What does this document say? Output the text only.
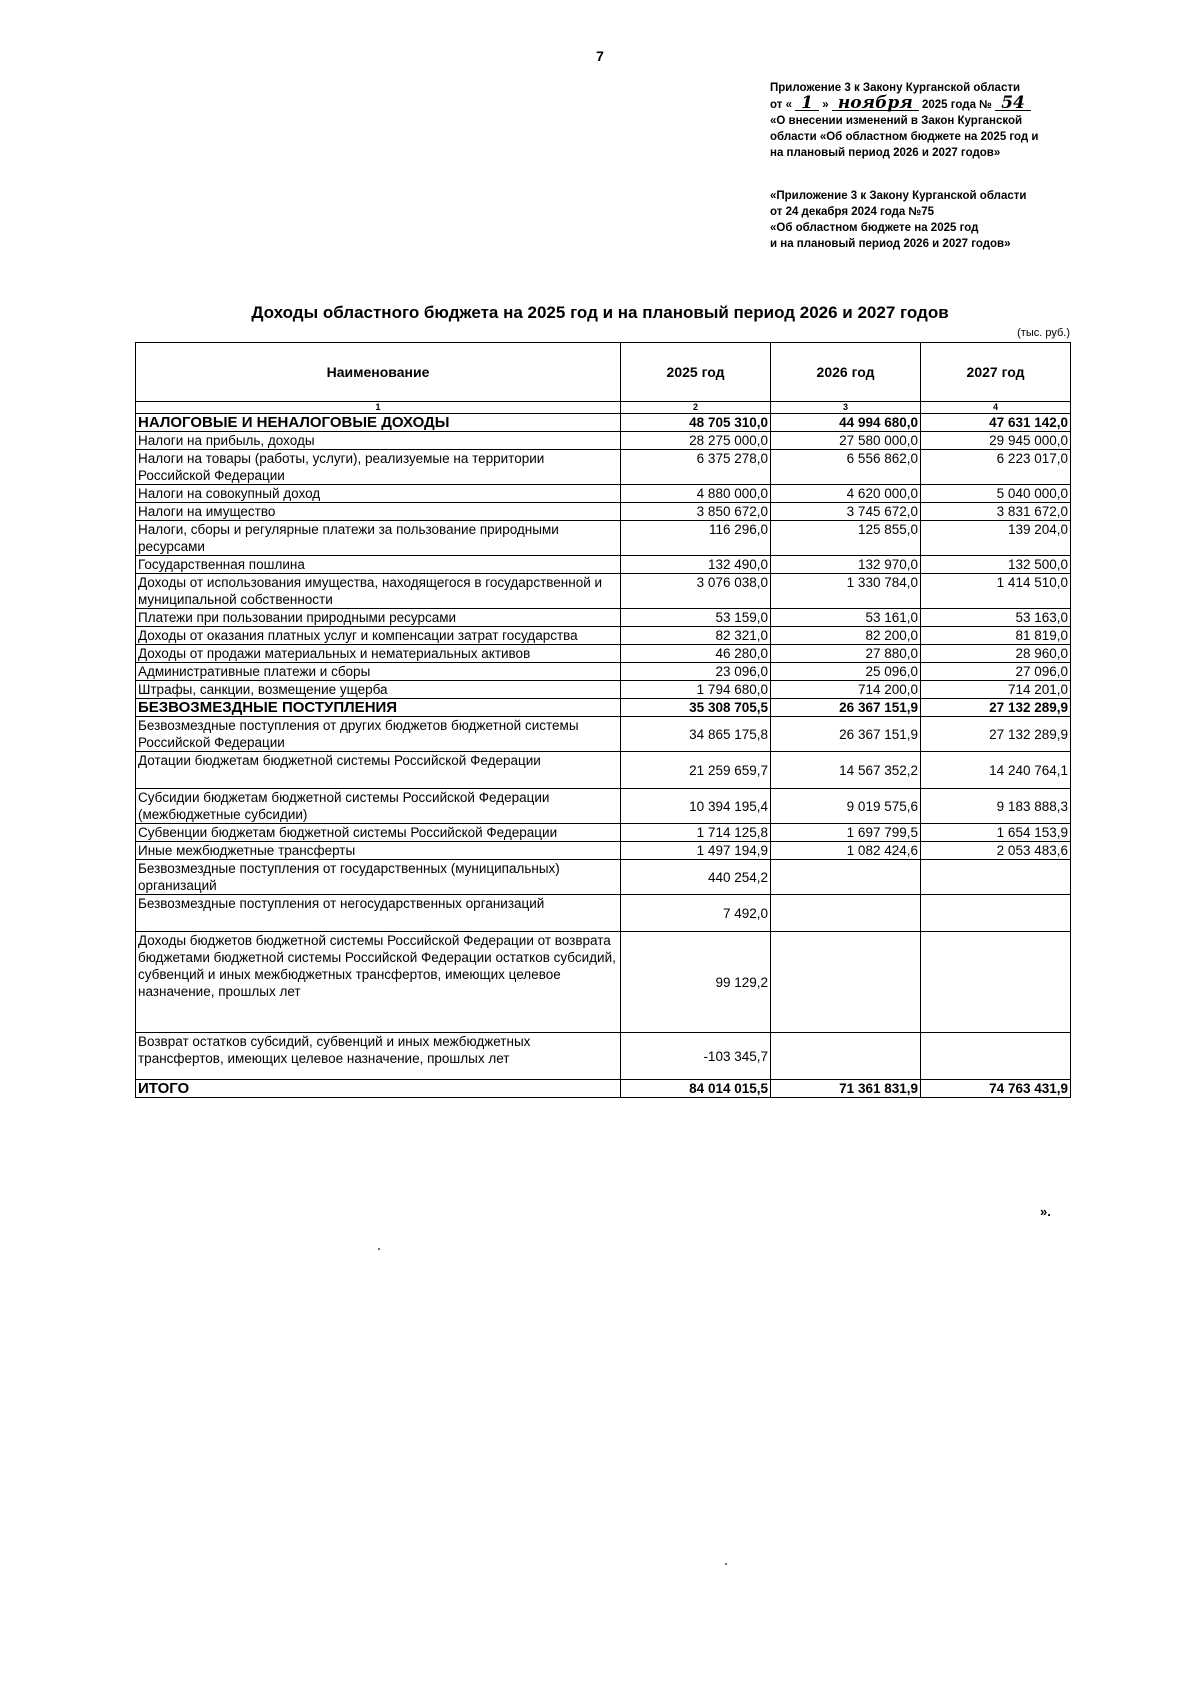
7
Приложение 3 к Закону Курганской области
от « 1 » ноября 2025 года № 54
«О внесении изменений в Закон Курганской
области «Об областном бюджете на 2025 год и
на плановый период 2026 и 2027 годов»
«Приложение 3 к Закону Курганской области
от 24 декабря 2024 года №75
«Об областном бюджете на 2025 год
и на плановый период 2026 и 2027 годов»
Доходы областного бюджета на 2025 год и на плановый период 2026 и 2027 годов
(тыс. руб.)
Наименование	2025 год	2026 год	2027 год
1	2	3	4
НАЛОГОВЫЕ И НЕНАЛОГОВЫЕ ДОХОДЫ	48 705 310,0	44 994 680,0	47 631 142,0
Налоги на прибыль, доходы	28 275 000,0	27 580 000,0	29 945 000,0
Налоги на товары (работы, услуги), реализуемые на территории Российской Федерации	6 375 278,0	6 556 862,0	6 223 017,0
Налоги на совокупный доход	4 880 000,0	4 620 000,0	5 040 000,0
Налоги на имущество	3 850 672,0	3 745 672,0	3 831 672,0
Налоги, сборы и регулярные платежи за пользование природными ресурсами	116 296,0	125 855,0	139 204,0
Государственная пошлина	132 490,0	132 970,0	132 500,0
Доходы от использования имущества, находящегося в государственной и муниципальной собственности	3 076 038,0	1 330 784,0	1 414 510,0
Платежи при пользовании природными ресурсами	53 159,0	53 161,0	53 163,0
Доходы от оказания платных услуг и компенсации затрат государства	82 321,0	82 200,0	81 819,0
Доходы от продажи материальных и нематериальных активов	46 280,0	27 880,0	28 960,0
Административные платежи и сборы	23 096,0	25 096,0	27 096,0
Штрафы, санкции, возмещение ущерба	1 794 680,0	714 200,0	714 201,0
БЕЗВОЗМЕЗДНЫЕ ПОСТУПЛЕНИЯ	35 308 705,5	26 367 151,9	27 132 289,9
Безвозмездные поступления от других бюджетов бюджетной системы Российской Федерации	34 865 175,8	26 367 151,9	27 132 289,9
Дотации бюджетам бюджетной системы Российской Федерации	21 259 659,7	14 567 352,2	14 240 764,1
Субсидии бюджетам бюджетной системы Российской Федерации (межбюджетные субсидии)	10 394 195,4	9 019 575,6	9 183 888,3
Субвенции бюджетам бюджетной системы Российской Федерации	1 714 125,8	1 697 799,5	1 654 153,9
Иные межбюджетные трансферты	1 497 194,9	1 082 424,6	2 053 483,6
Безвозмездные поступления от государственных (муниципальных) организаций	440 254,2		
Безвозмездные поступления от негосударственных организаций	7 492,0		
Доходы бюджетов бюджетной системы Российской Федерации от возврата бюджетами бюджетной системы Российской Федерации остатков субсидий, субвенций и иных межбюджетных трансфертов, имеющих целевое назначение, прошлых лет	99 129,2		
Возврат остатков субсидий, субвенций и иных межбюджетных трансфертов, имеющих целевое назначение, прошлых лет	-103 345,7		
ИТОГО	84 014 015,5	71 361 831,9	74 763 431,9
».
